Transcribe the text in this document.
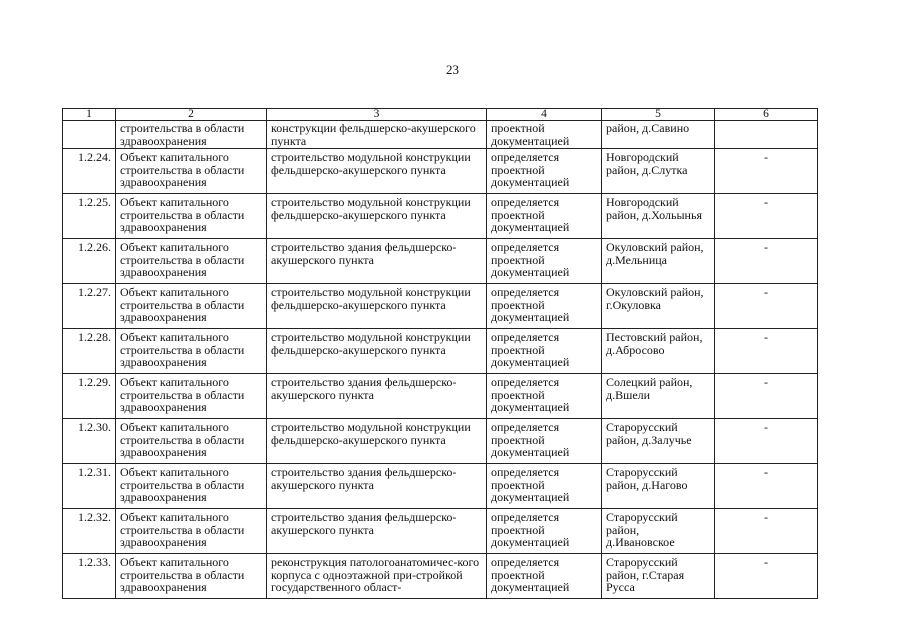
23
1	2	3	4	5	6
	строительства в области здравоохранения	конструкции фельдшерско-акушерского пункта	проектной документацией	район, д.Савино	
1.2.24.	Объект капитального строительства в области здравоохранения	строительство модульной конструкции фельдшерско-акушерского пункта	определяется проектной документацией	Новгородский район, д.Слутка	-
1.2.25.	Объект капитального строительства в области здравоохранения	строительство модульной конструкции фельдшерско-акушерского пункта	определяется проектной документацией	Новгородский район, д.Хольынья	-
1.2.26.	Объект капитального строительства в области здравоохранения	строительство здания фельдшерско-акушерского пункта	определяется проектной документацией	Окуловский район, д.Мельница	-
1.2.27.	Объект капитального строительства в области здравоохранения	строительство модульной конструкции фельдшерско-акушерского пункта	определяется проектной документацией	Окуловский район, г.Окуловка	-
1.2.28.	Объект капитального строительства в области здравоохранения	строительство модульной конструкции фельдшерско-акушерского пункта	определяется проектной документацией	Пестовский район, д.Абросово	-
1.2.29.	Объект капитального строительства в области здравоохранения	строительство здания фельдшерско-акушерского пункта	определяется проектной документацией	Солецкий район, д.Вшели	-
1.2.30.	Объект капитального строительства в области здравоохранения	строительство модульной конструкции фельдшерско-акушерского пункта	определяется проектной документацией	Старорусский район, д.Залучье	-
1.2.31.	Объект капитального строительства в области здравоохранения	строительство здания фельдшерско-акушерского пункта	определяется проектной документацией	Старорусский район, д.Нагово	-
1.2.32.	Объект капитального строительства в области здравоохранения	строительство здания фельдшерско-акушерского пункта	определяется проектной документацией	Старорусский район, д.Ивановское	-
1.2.33.	Объект капитального строительства в области здравоохранения	реконструкция патологоанатомичес-кого корпуса с одноэтажной при-стройкой государственного област-	определяется проектной документацией	Старорусский район, г.Старая Русса	-
